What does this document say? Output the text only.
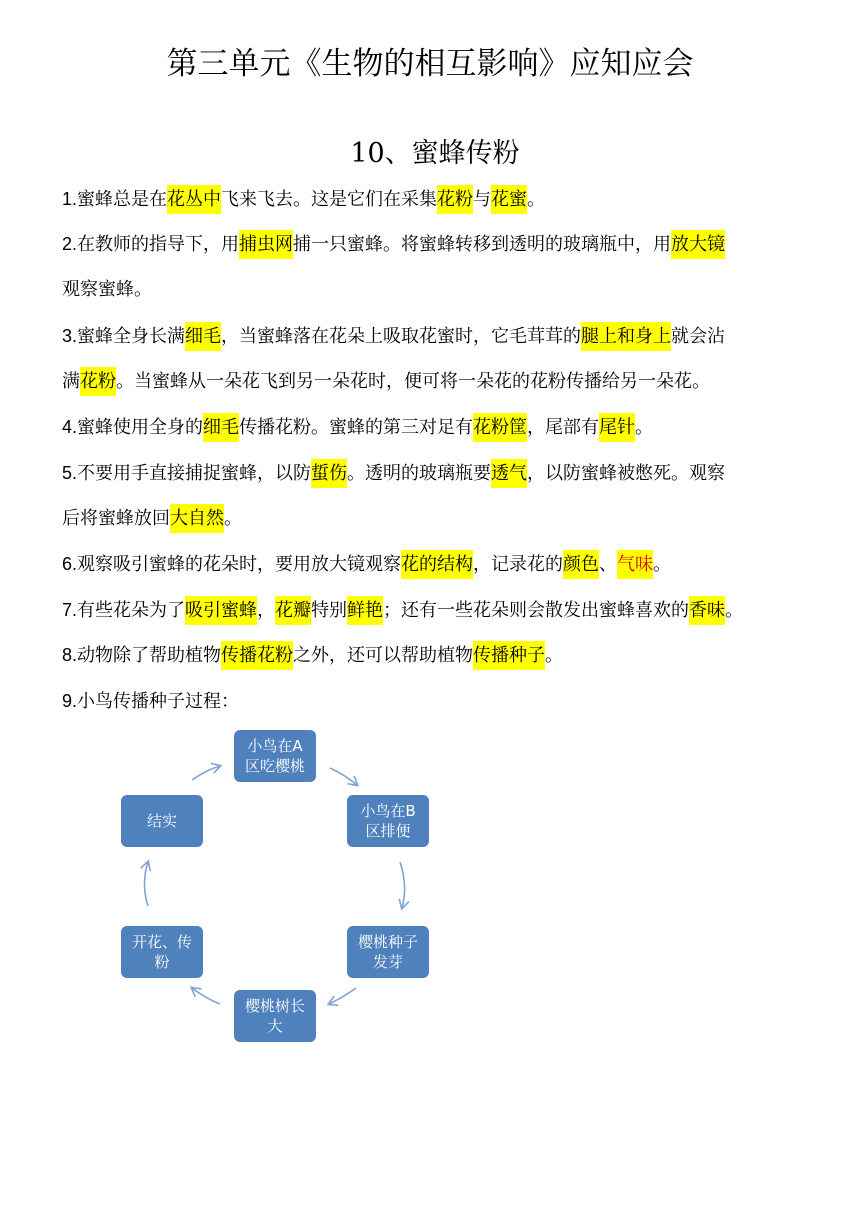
第三单元《生物的相互影响》应知应会
10、蜜蜂传粉
1.蜜蜂总是在花丛中飞来飞去。这是它们在采集花粉与花蜜。
2.在教师的指导下，用捕虫网捕一只蜜蜂。将蜜蜂转移到透明的玻璃瓶中，用放大镜
观察蜜蜂。
3.蜜蜂全身长满细毛，当蜜蜂落在花朵上吸取花蜜时，它毛茸茸的腿上和身上就会沾
满花粉。当蜜蜂从一朵花飞到另一朵花时，便可将一朵花的花粉传播给另一朵花。
4.蜜蜂使用全身的细毛传播花粉。蜜蜂的第三对足有花粉筐，尾部有尾针。
5.不要用手直接捕捉蜜蜂，以防蜇伤。透明的玻璃瓶要透气，以防蜜蜂被憋死。观察
后将蜜蜂放回大自然。
6.观察吸引蜜蜂的花朵时，要用放大镜观察花的结构，记录花的颜色、气味。
7.有些花朵为了吸引蜜蜂，花瓣特别鲜艳；还有一些花朵则会散发出蜜蜂喜欢的香味。
8.动物除了帮助植物传播花粉之外，还可以帮助植物传播种子。
9.小鸟传播种子过程：
小鸟在A
区吃樱桃
小鸟在B
区排便
樱桃种子
发芽
樱桃树长
大
开花、传
粉
结实
